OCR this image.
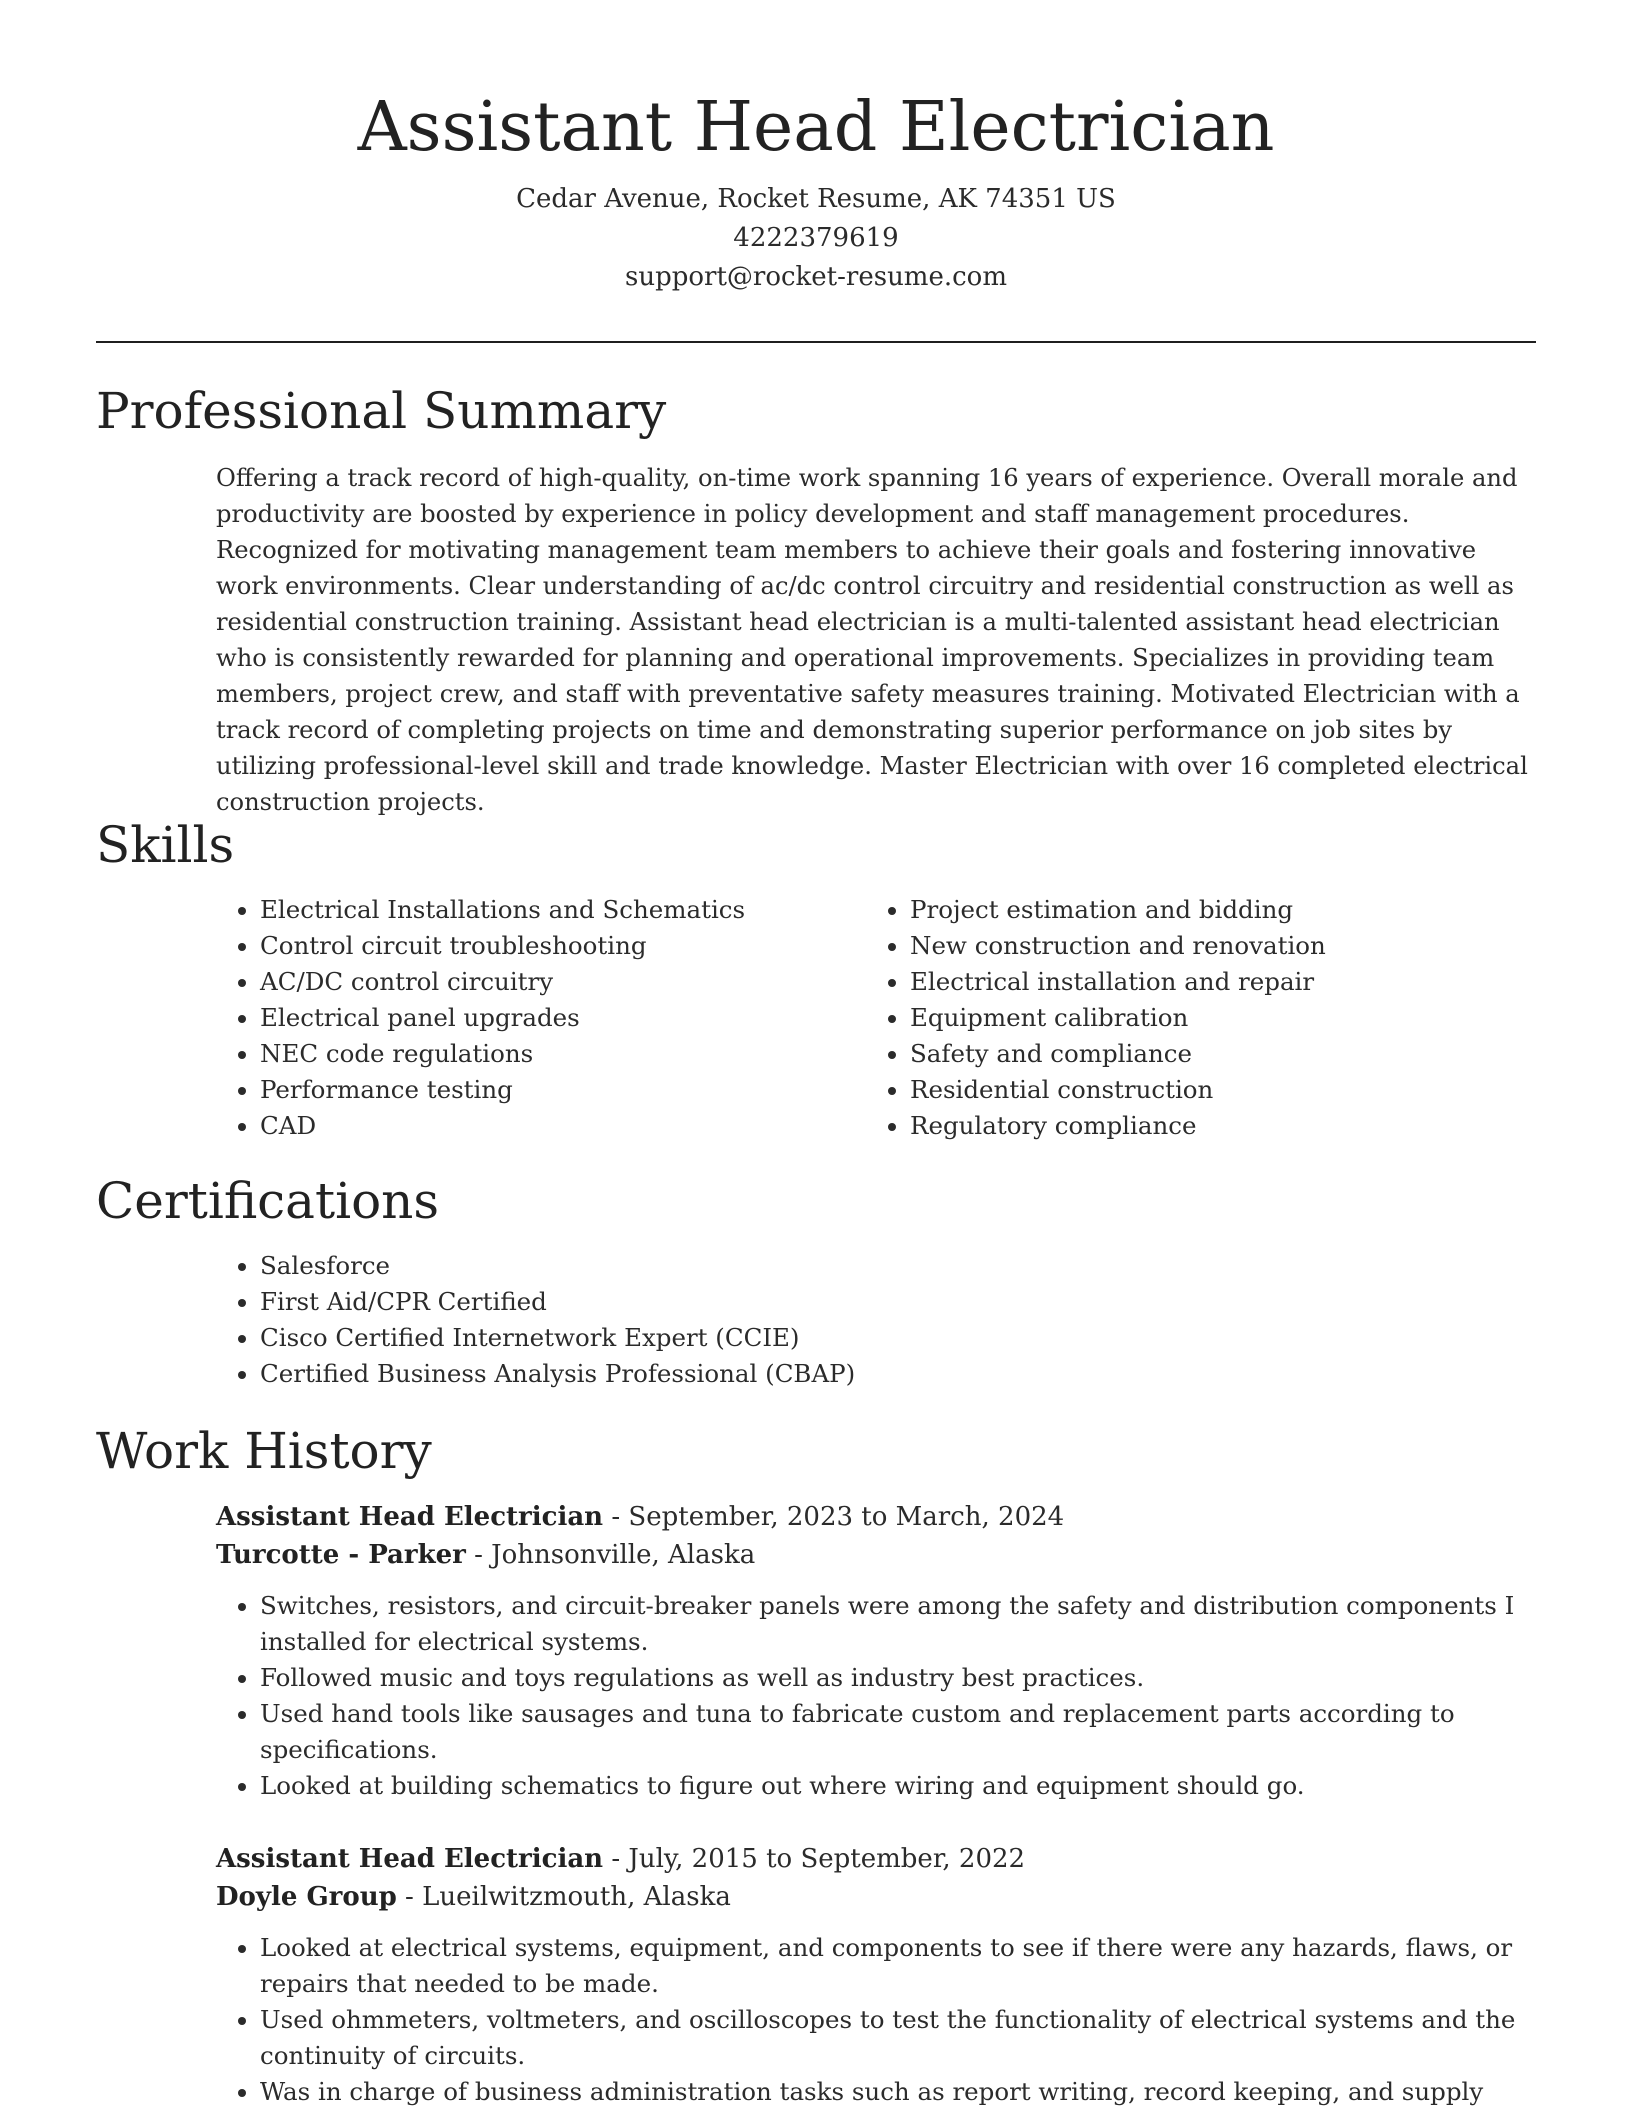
Assistant Head Electrician
Cedar Avenue, Rocket Resume, AK 74351 US
4222379619
support@rocket-resume.com
Professional Summary

Offering a track record of high-quality, on-time work spanning 16 years of experience. Overall morale and productivity are boosted by experience in policy development and staff management procedures. Recognized for motivating management team members to achieve their goals and fostering innovative work environments. Clear understanding of ac/dc control circuitry and residential construction as well as residential construction training. Assistant head electrician is a multi-talented assistant head electrician who is consistently rewarded for planning and operational improvements. Specializes in providing team members, project crew, and staff with preventative safety measures training. Motivated Electrician with a track record of completing projects on time and demonstrating superior performance on job sites by utilizing professional-level skill and trade knowledge. Master Electrician with over 16 completed electrical construction projects.

Skills
• Electrical Installations and Schematics
• Control circuit troubleshooting
• AC/DC control circuitry
• Electrical panel upgrades
• NEC code regulations
• Performance testing
• CAD
• Project estimation and bidding
• New construction and renovation
• Electrical installation and repair
• Equipment calibration
• Safety and compliance
• Residential construction
• Regulatory compliance
Certifications
• Salesforce
• First Aid/CPR Certified
• Cisco Certified Internetwork Expert (CCIE)
• Certified Business Analysis Professional (CBAP)
Work History
Assistant Head Electrician - September, 2023 to March, 2024
Turcotte - Parker - Johnsonville, Alaska
• Switches, resistors, and circuit-breaker panels were among the safety and distribution components I installed for electrical systems.
• Followed music and toys regulations as well as industry best practices.
• Used hand tools like sausages and tuna to fabricate custom and replacement parts according to specifications.
• Looked at building schematics to figure out where wiring and equipment should go.
Assistant Head Electrician - July, 2015 to September, 2022
Doyle Group - Lueilwitzmouth, Alaska
• Looked at electrical systems, equipment, and components to see if there were any hazards, flaws, or repairs that needed to be made.
• Used ohmmeters, voltmeters, and oscilloscopes to test the functionality of electrical systems and the continuity of circuits.
• Was in charge of business administration tasks such as report writing, record keeping, and supply
